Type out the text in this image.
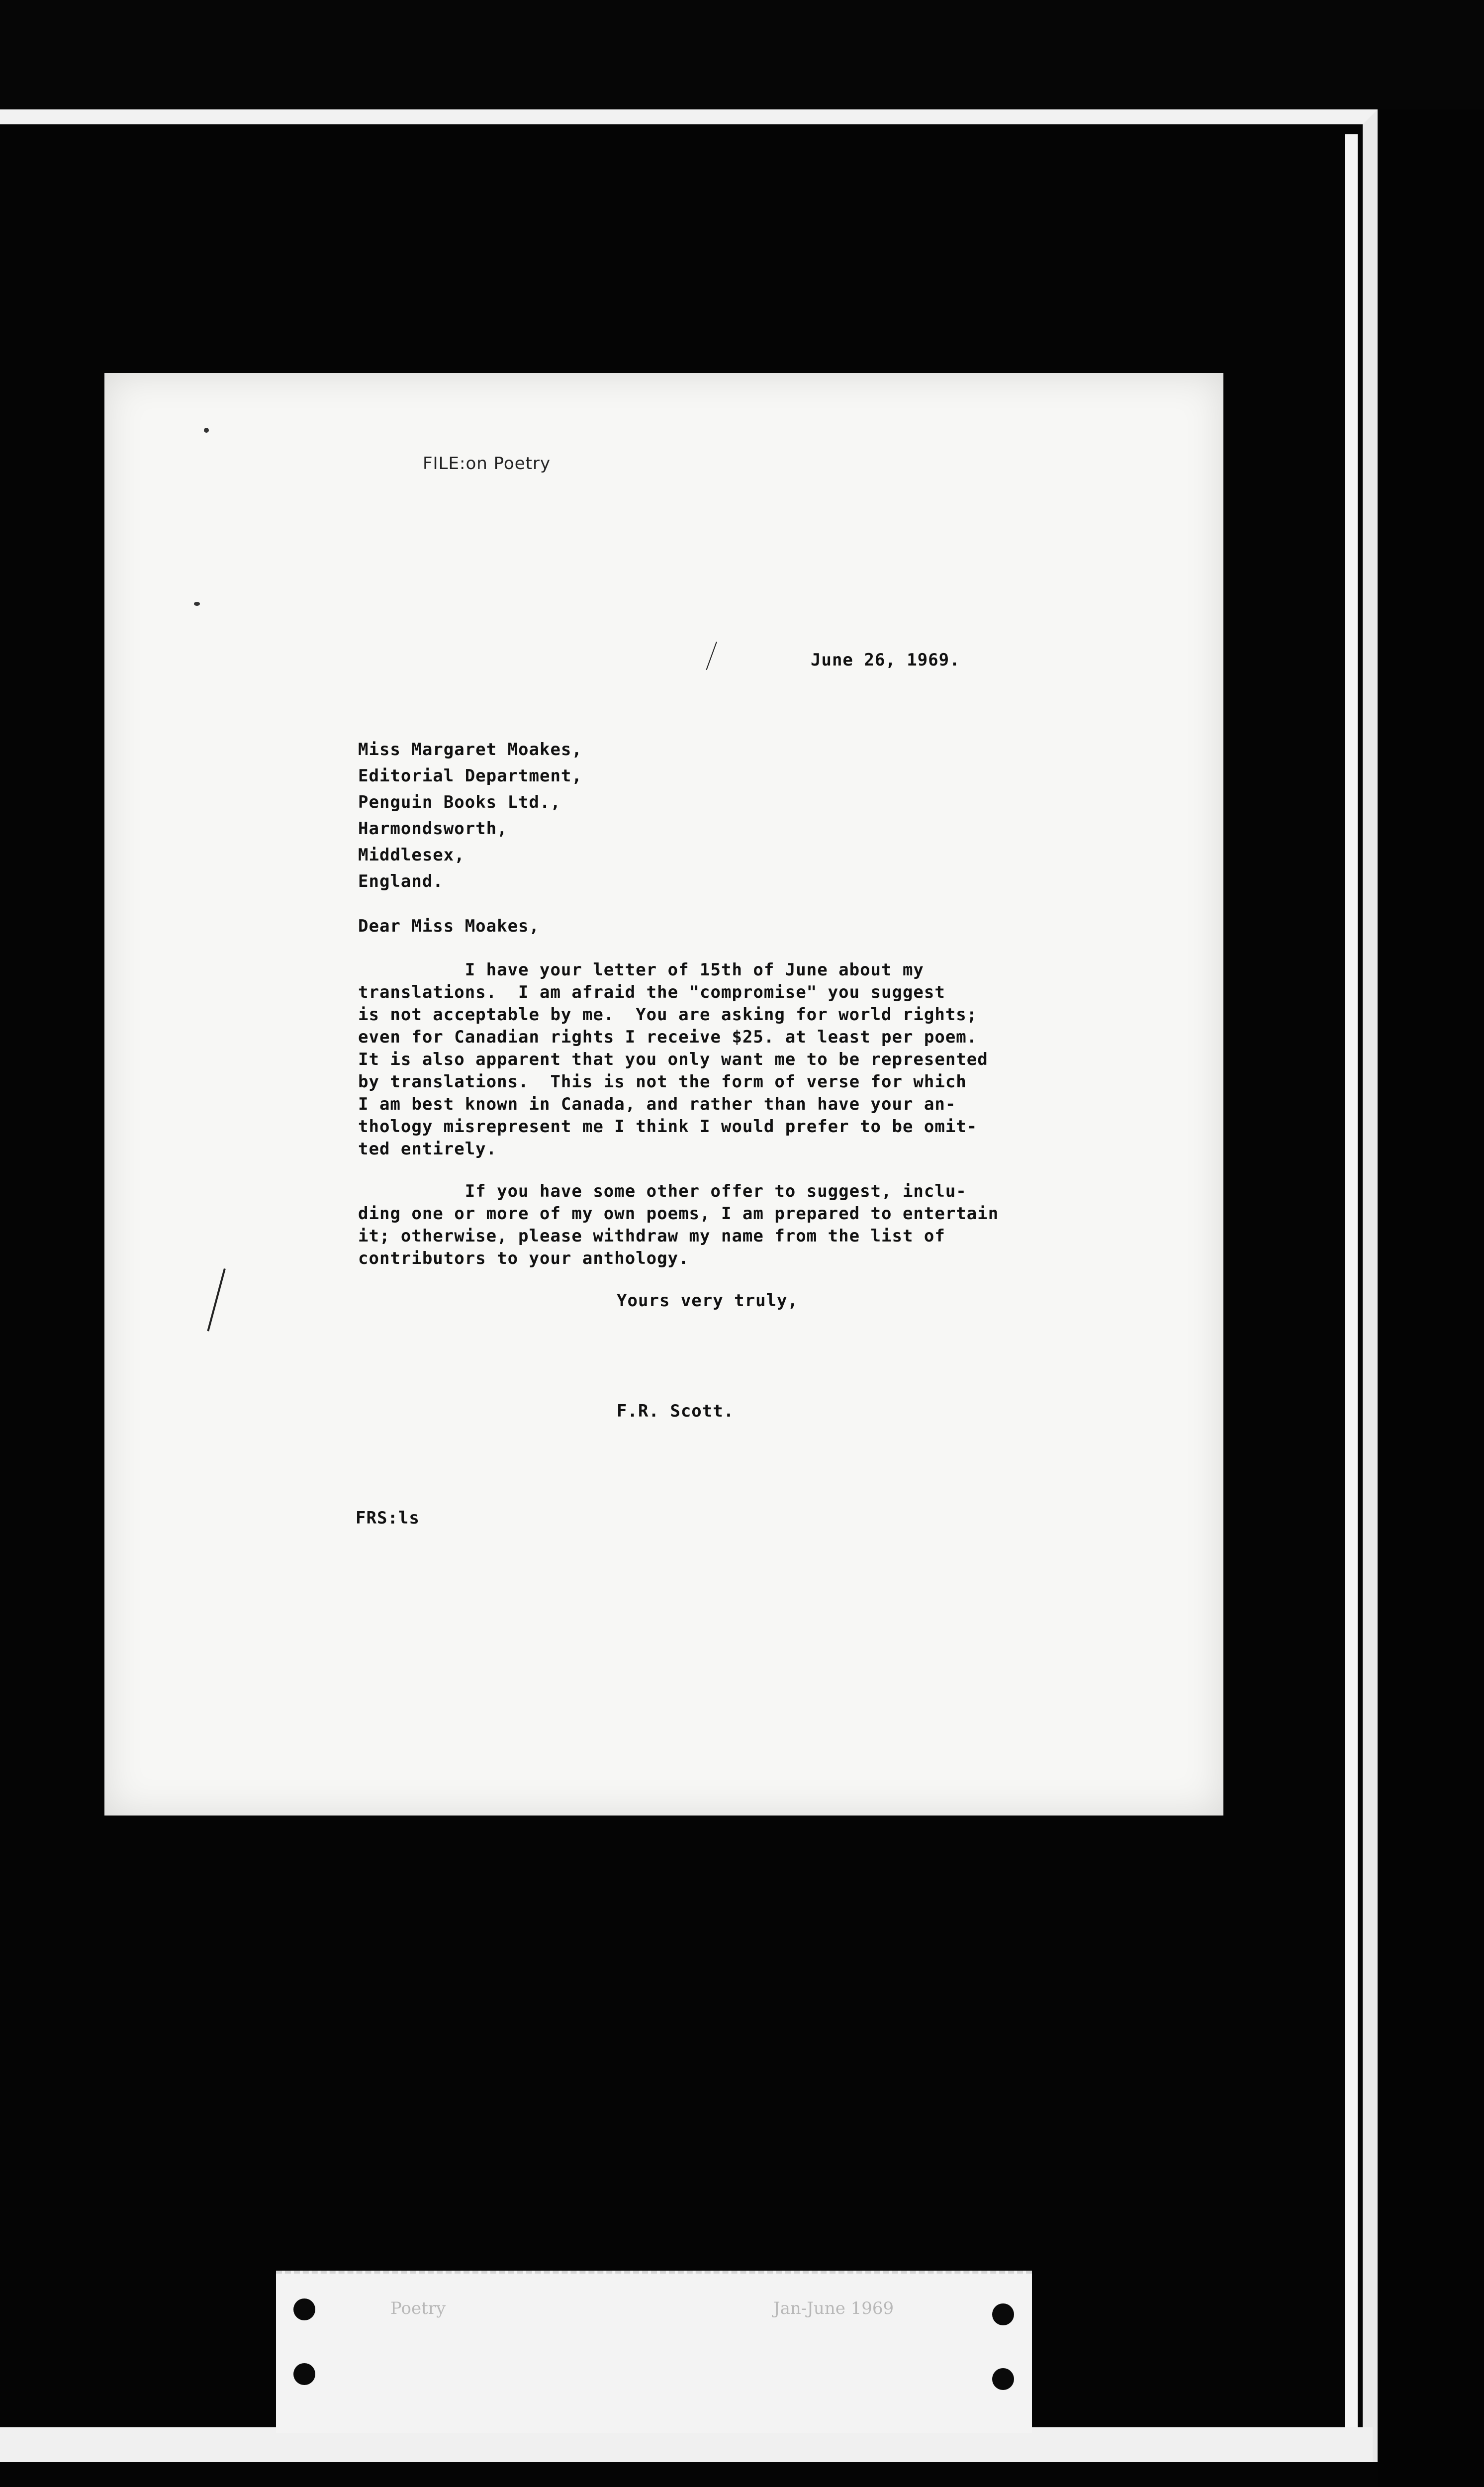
FILE:on Poetry
June 26, 1969.
Miss Margaret Moakes,
Editorial Department,
Penguin Books Ltd.,
Harmondsworth,
Middlesex,
England.
Dear Miss Moakes,
I have your letter of 15th of June about my
translations.  I am afraid the "compromise" you suggest
is not acceptable by me.  You are asking for world rights;
even for Canadian rights I receive $25. at least per poem.
It is also apparent that you only want me to be represented
by translations.  This is not the form of verse for which
I am best known in Canada, and rather than have your an-
thology misrepresent me I think I would prefer to be omit-
ted entirely.
If you have some other offer to suggest, inclu-
ding one or more of my own poems, I am prepared to entertain
it; otherwise, please withdraw my name from the list of
contributors to your anthology.
Yours very truly,
F.R. Scott.
FRS:ls
Poetry	Jan-June 1969
